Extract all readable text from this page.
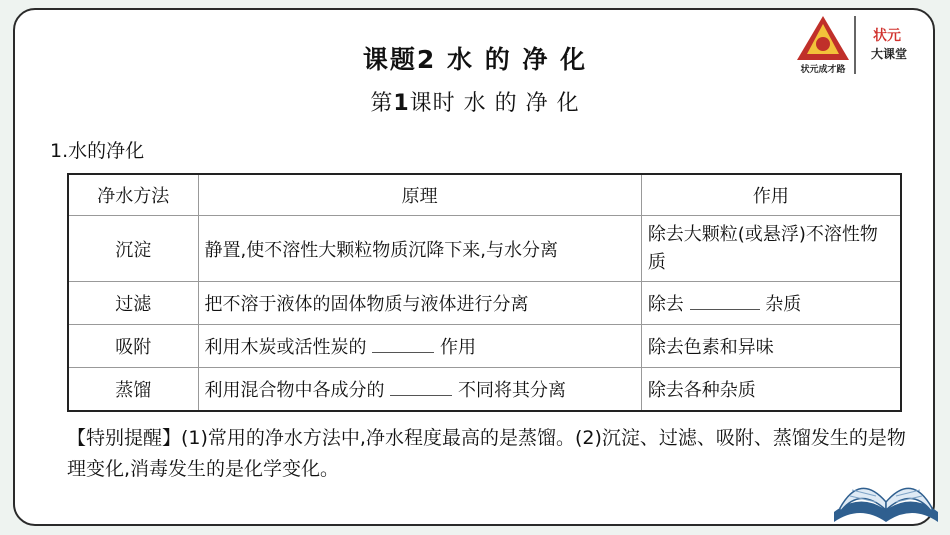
状元成才路
状元
大课堂
课题2 水 的 净 化
第1课时 水 的 净 化
1.水的净化
净水方法	原理	作用
沉淀	静置,使不溶性大颗粒物质沉降下来,与水分离	除去大颗粒(或悬浮)不溶性物质
过滤	把不溶于液体的固体物质与液体进行分离	除去 杂质
吸附	利用木炭或活性炭的 作用	除去色素和异味
蒸馏	利用混合物中各成分的 不同将其分离	除去各种杂质
【特别提醒】(1)常用的净水方法中,净水程度最高的是蒸馏。(2)沉淀、过滤、吸附、蒸馏发生的是物理变化,消毒发生的是化学变化。
